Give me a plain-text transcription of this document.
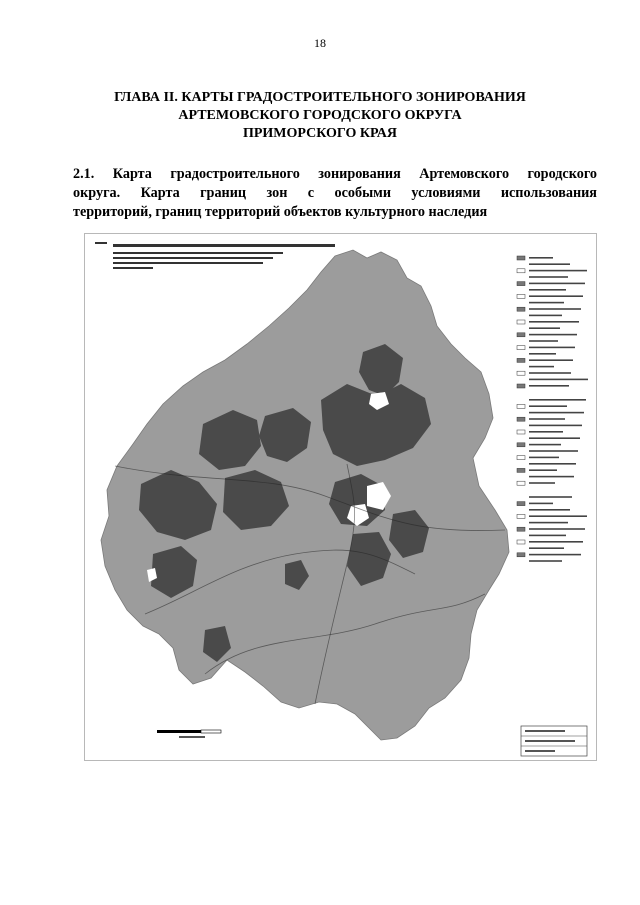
18
ГЛАВА II. КАРТЫ ГРАДОСТРОИТЕЛЬНОГО ЗОНИРОВАНИЯ
АРТЕМОВСКОГО ГОРОДСКОГО ОКРУГА
ПРИМОРСКОГО КРАЯ
2.1. Карта градостроительного зонирования Артемовского городского
округа. Карта границ зон с особыми условиями использования
территорий, границ территорий объектов культурного наследия
